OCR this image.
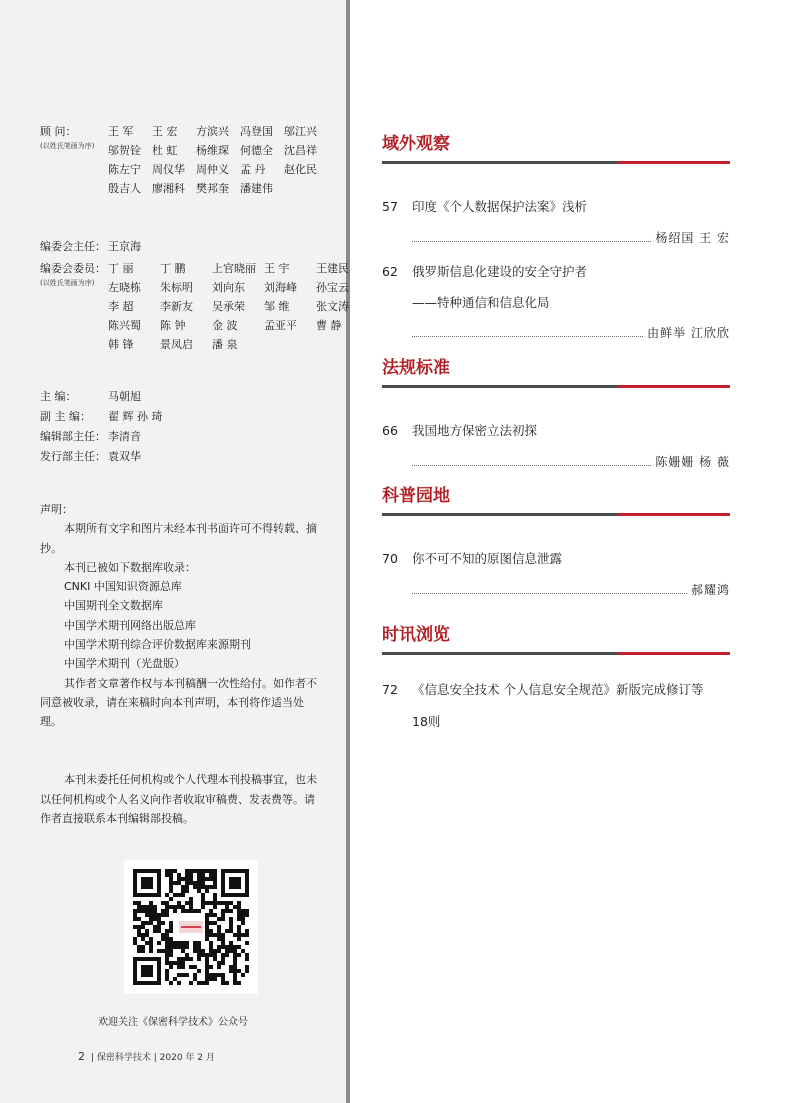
顾 问：
(以姓氏笔画为序)
王 军 王 宏 方滨兴 冯登国 邬江兴
邬贺铨 杜 虹 杨维琛 何德全 沈昌祥
陈左宁 周仪华 周仲义 孟 丹 赵化民
殷吉人 廖湘科 樊邦奎 潘建伟
编委会主任： 王京海
编委会委员：
(以姓氏笔画为序)
丁 丽 丁 鹏 上官晓丽 王 宇 王建民
左晓栋 朱标明 刘向东 刘海峰 孙宝云
李 超 李新友 吴承荣 邹 维 张文涛
陈兴蜀 陈 钟 金 波 孟亚平 曹 静
韩 锋 景凤启 潘 泉
主 编：	马朝旭
副 主 编：	翟 辉 孙 琦
编辑部主任： 李清音
发行部主任： 袁双华

声明：

本期所有文字和图片未经本刊书面许可不得转载、摘抄。

本刊已被如下数据库收录：

CNKI 中国知识资源总库

中国期刊全文数据库

中国学术期刊网络出版总库

中国学术期刊综合评价数据库来源期刊

中国学术期刊（光盘版）

其作者文章著作权与本刊稿酬一次性给付。如作者不同意被收录，请在来稿时向本刊声明，本刊将作适当处理。

本刊未委托任何机构或个人代理本刊投稿事宜，也未以任何机构或个人名义向作者收取审稿费、发表费等。请作者直接联系本刊编辑部投稿。

欢迎关注《保密科学技术》公众号
2 | 保密科学技术 | 2020 年 2 月
域外观察
57 印度《个人数据保护法案》浅析
杨绍国 王 宏
62 俄罗斯信息化建设的安全守护者
——特种通信和信息化局
由鲜举 江欣欣
法规标准
66 我国地方保密立法初探
陈姗姗 杨 薇
科普园地
70 你不可不知的原图信息泄露
郝耀鸿
时讯浏览
72 《信息安全技术 个人信息安全规范》新版完成修订等
18则
